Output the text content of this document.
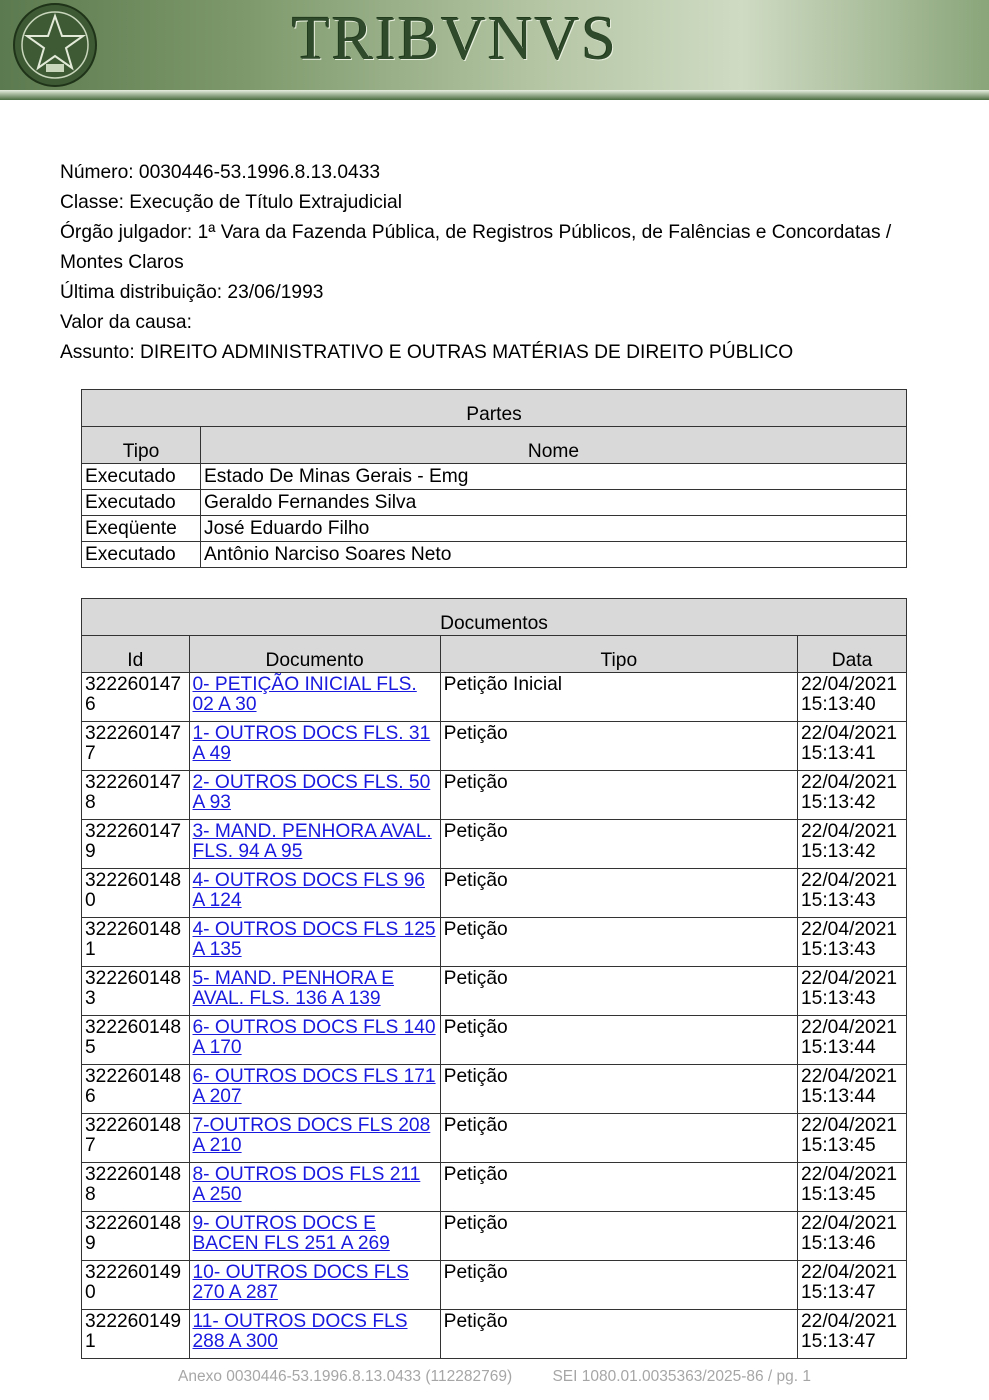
TRIBVNVS
Número: 0030446-53.1996.8.13.0433
Classe: Execução de Título Extrajudicial
Órgão julgador: 1ª Vara da Fazenda Pública, de Registros Públicos, de Falências e Concordatas / Montes Claros
Última distribuição: 23/06/1993
Valor da causa:
Assunto: DIREITO ADMINISTRATIVO E OUTRAS MATÉRIAS DE DIREITO PÚBLICO
Partes	
Tipo	Nome
Executado	Estado De Minas Gerais - Emg
Executado	Geraldo Fernandes Silva
Exeqüente	José Eduardo Filho
Executado	Antônio Narciso Soares Neto
Documentos			
Id	Documento	Tipo	Data
3222601476	0- PETIÇÃO INICIAL FLS. 02 A 30	Petição Inicial	22/04/2021 15:13:40
3222601477	1- OUTROS DOCS FLS. 31 A 49	Petição	22/04/2021 15:13:41
3222601478	2- OUTROS DOCS FLS. 50 A 93	Petição	22/04/2021 15:13:42
3222601479	3- MAND. PENHORA AVAL. FLS. 94 A 95	Petição	22/04/2021 15:13:42
3222601480	4- OUTROS DOCS FLS 96 A 124	Petição	22/04/2021 15:13:43
3222601481	4- OUTROS DOCS FLS 125 A 135	Petição	22/04/2021 15:13:43
3222601483	5- MAND. PENHORA E AVAL. FLS. 136 A 139	Petição	22/04/2021 15:13:43
3222601485	6- OUTROS DOCS FLS 140 A 170	Petição	22/04/2021 15:13:44
3222601486	6- OUTROS DOCS FLS 171 A 207	Petição	22/04/2021 15:13:44
3222601487	7-OUTROS DOCS FLS 208 A 210	Petição	22/04/2021 15:13:45
3222601488	8- OUTROS DOS FLS 211 A 250	Petição	22/04/2021 15:13:45
3222601489	9- OUTROS DOCS E BACEN FLS 251 A 269	Petição	22/04/2021 15:13:46
3222601490	10- OUTROS DOCS FLS 270 A 287	Petição	22/04/2021 15:13:47
3222601491	11- OUTROS DOCS FLS 288 A 300	Petição	22/04/2021 15:13:47
Anexo 0030446-53.1996.8.13.0433 (112282769)	SEI 1080.01.0035363/2025-86 / pg. 1
